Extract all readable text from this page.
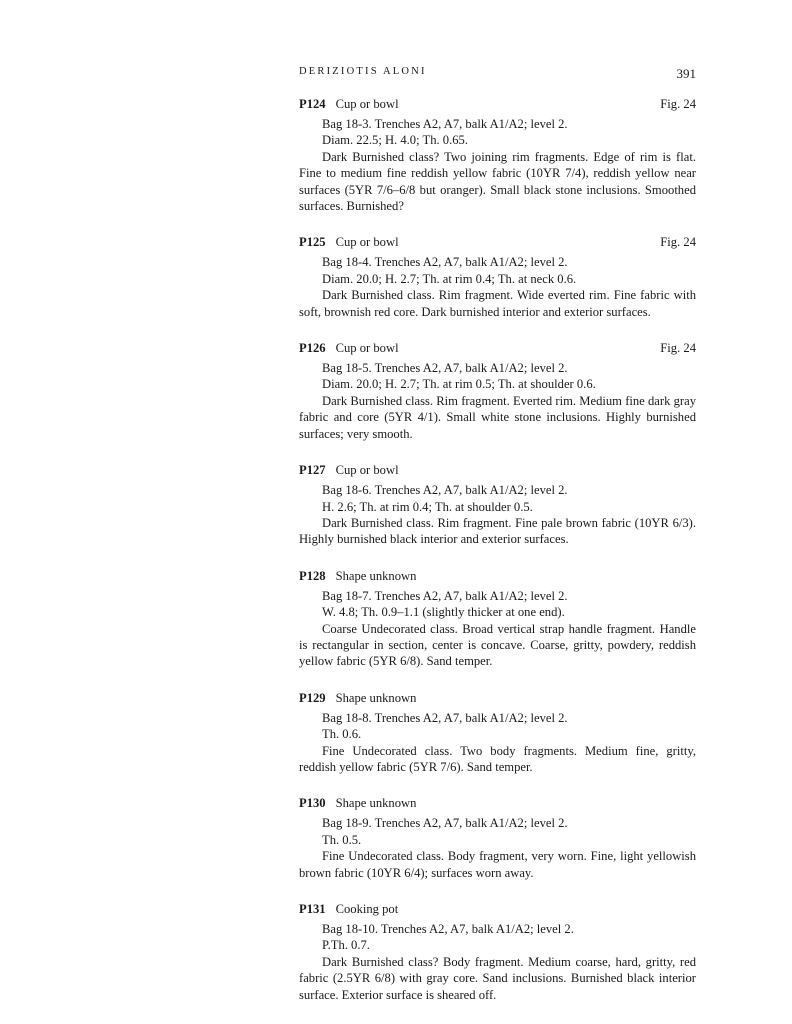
DERIZIOTIS ALONI	391
P124 Cup or bowl	Fig. 24
Bag 18-3. Trenches A2, A7, balk A1/A2; level 2.
Diam. 22.5; H. 4.0; Th. 0.65.
Dark Burnished class? Two joining rim fragments. Edge of rim is flat. Fine to medium fine reddish yellow fabric (10YR 7/4), reddish yellow near surfaces (5YR 7/6–6/8 but oranger). Small black stone inclusions. Smoothed surfaces. Burnished?
P125 Cup or bowl	Fig. 24
Bag 18-4. Trenches A2, A7, balk A1/A2; level 2.
Diam. 20.0; H. 2.7; Th. at rim 0.4; Th. at neck 0.6.
Dark Burnished class. Rim fragment. Wide everted rim. Fine fabric with soft, brownish red core. Dark burnished interior and exterior surfaces.
P126 Cup or bowl	Fig. 24
Bag 18-5. Trenches A2, A7, balk A1/A2; level 2.
Diam. 20.0; H. 2.7; Th. at rim 0.5; Th. at shoulder 0.6.
Dark Burnished class. Rim fragment. Everted rim. Medium fine dark gray fabric and core (5YR 4/1). Small white stone inclusions. Highly burnished surfaces; very smooth.
P127 Cup or bowl
Bag 18-6. Trenches A2, A7, balk A1/A2; level 2.
H. 2.6; Th. at rim 0.4; Th. at shoulder 0.5.
Dark Burnished class. Rim fragment. Fine pale brown fabric (10YR 6/3). Highly burnished black interior and exterior surfaces.
P128 Shape unknown
Bag 18-7. Trenches A2, A7, balk A1/A2; level 2.
W. 4.8; Th. 0.9–1.1 (slightly thicker at one end).
Coarse Undecorated class. Broad vertical strap handle fragment. Handle is rectangular in section, center is concave. Coarse, gritty, powdery, reddish yellow fabric (5YR 6/8). Sand temper.
P129 Shape unknown
Bag 18-8. Trenches A2, A7, balk A1/A2; level 2.
Th. 0.6.
Fine Undecorated class. Two body fragments. Medium fine, gritty, reddish yellow fabric (5YR 7/6). Sand temper.
P130 Shape unknown
Bag 18-9. Trenches A2, A7, balk A1/A2; level 2.
Th. 0.5.
Fine Undecorated class. Body fragment, very worn. Fine, light yellowish brown fabric (10YR 6/4); surfaces worn away.
P131 Cooking pot
Bag 18-10. Trenches A2, A7, balk A1/A2; level 2.
P.Th. 0.7.
Dark Burnished class? Body fragment. Medium coarse, hard, gritty, red fabric (2.5YR 6/8) with gray core. Sand inclusions. Burnished black interior surface. Exterior surface is sheared off.
